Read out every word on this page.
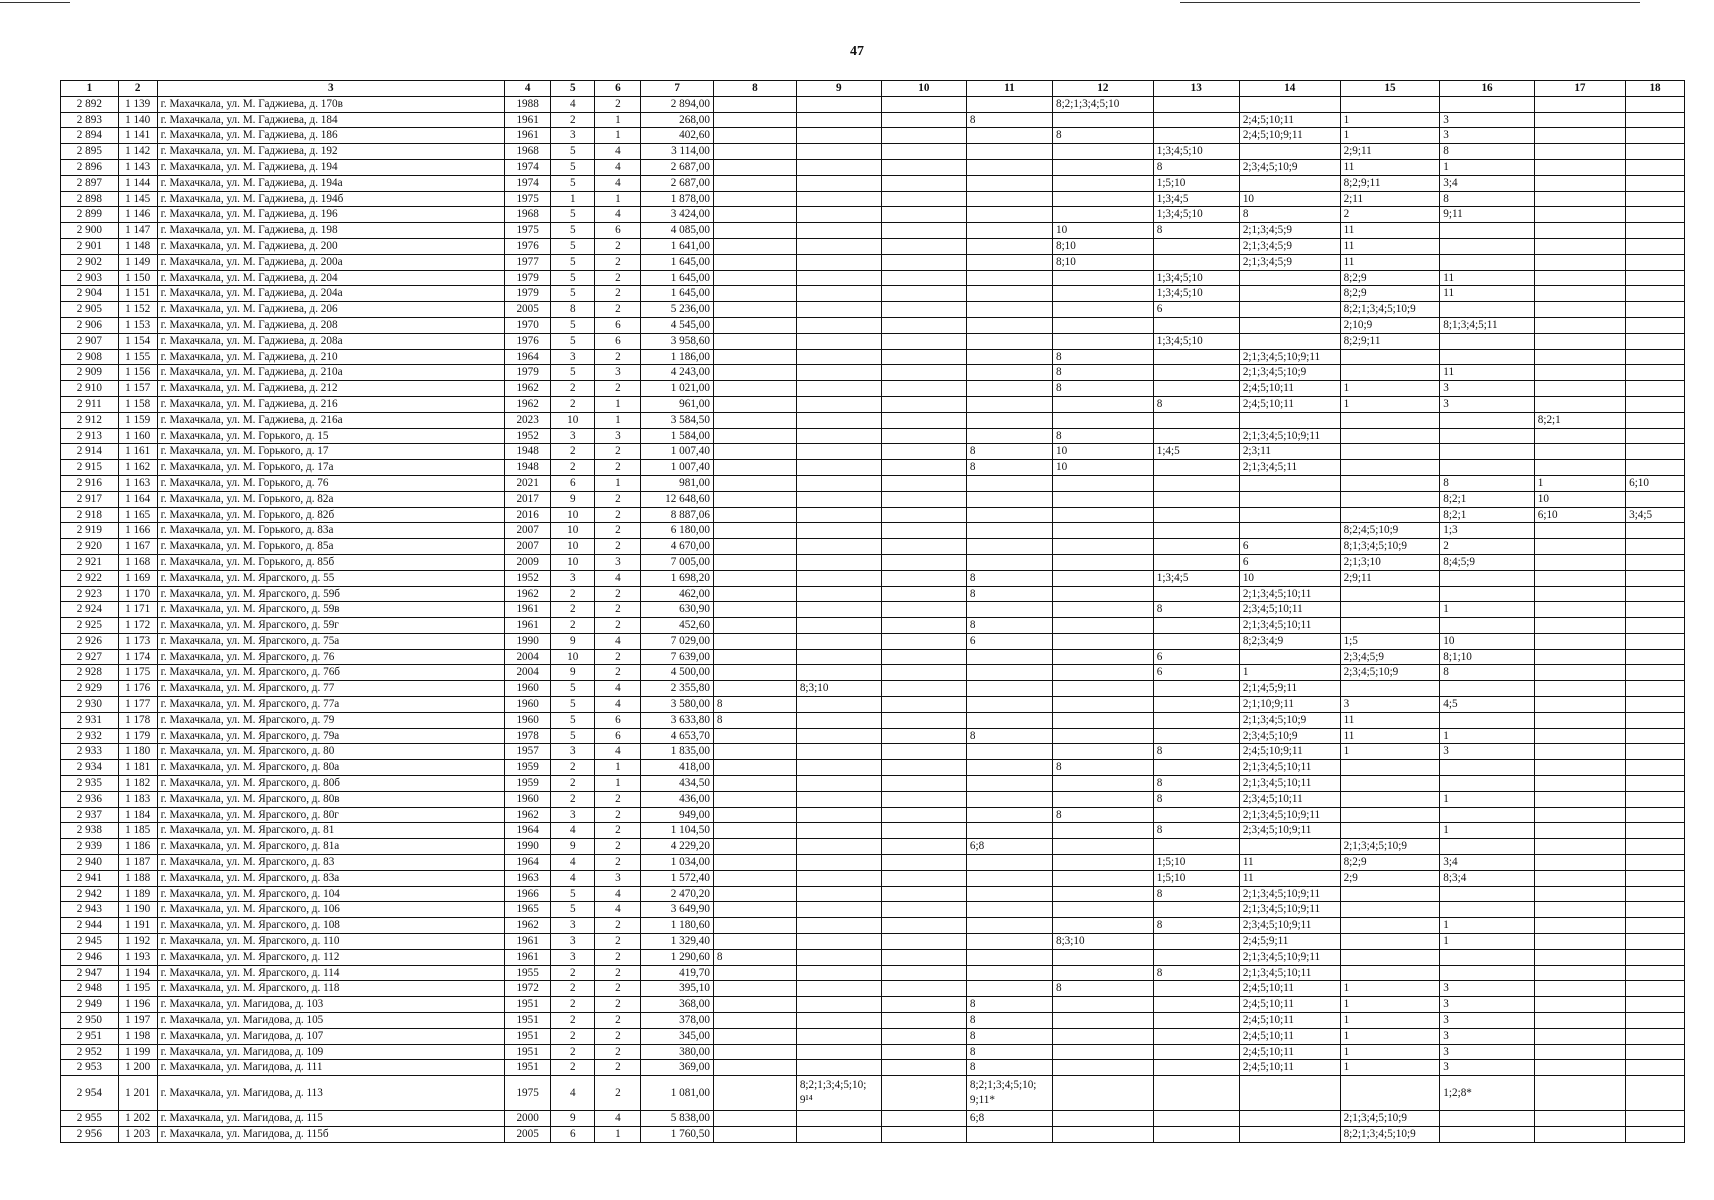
47
1	2	3	4	5	6	7	8	9	10	11	12	13	14	15	16	17	18
2 892	1 139	г. Махачкала, ул. М. Гаджиева, д. 170в	1988	4	2	2 894,00					8;2;1;3;4;5;10						
2 893	1 140	г. Махачкала, ул. М. Гаджиева, д. 184	1961	2	1	268,00				8			2;4;5;10;11	1	3		
2 894	1 141	г. Махачкала, ул. М. Гаджиева, д. 186	1961	3	1	402,60					8		2;4;5;10;9;11	1	3		
2 895	1 142	г. Махачкала, ул. М. Гаджиева, д. 192	1968	5	4	3 114,00						1;3;4;5;10		2;9;11	8		
2 896	1 143	г. Махачкала, ул. М. Гаджиева, д. 194	1974	5	4	2 687,00						8	2;3;4;5;10;9	11	1		
2 897	1 144	г. Махачкала, ул. М. Гаджиева, д. 194а	1974	5	4	2 687,00						1;5;10		8;2;9;11	3;4		
2 898	1 145	г. Махачкала, ул. М. Гаджиева, д. 194б	1975	1	1	1 878,00						1;3;4;5	10	2;11	8		
2 899	1 146	г. Махачкала, ул. М. Гаджиева, д. 196	1968	5	4	3 424,00						1;3;4;5;10	8	2	9;11		
2 900	1 147	г. Махачкала, ул. М. Гаджиева, д. 198	1975	5	6	4 085,00					10	8	2;1;3;4;5;9	11			
2 901	1 148	г. Махачкала, ул. М. Гаджиева, д. 200	1976	5	2	1 641,00					8;10		2;1;3;4;5;9	11			
2 902	1 149	г. Махачкала, ул. М. Гаджиева, д. 200а	1977	5	2	1 645,00					8;10		2;1;3;4;5;9	11			
2 903	1 150	г. Махачкала, ул. М. Гаджиева, д. 204	1979	5	2	1 645,00						1;3;4;5;10		8;2;9	11		
2 904	1 151	г. Махачкала, ул. М. Гаджиева, д. 204а	1979	5	2	1 645,00						1;3;4;5;10		8;2;9	11		
2 905	1 152	г. Махачкала, ул. М. Гаджиева, д. 206	2005	8	2	5 236,00						6		8;2;1;3;4;5;10;9			
2 906	1 153	г. Махачкала, ул. М. Гаджиева, д. 208	1970	5	6	4 545,00								2;10;9	8;1;3;4;5;11		
2 907	1 154	г. Махачкала, ул. М. Гаджиева, д. 208а	1976	5	6	3 958,60						1;3;4;5;10		8;2;9;11			
2 908	1 155	г. Махачкала, ул. М. Гаджиева, д. 210	1964	3	2	1 186,00					8		2;1;3;4;5;10;9;11				
2 909	1 156	г. Махачкала, ул. М. Гаджиева, д. 210а	1979	5	3	4 243,00					8		2;1;3;4;5;10;9		11		
2 910	1 157	г. Махачкала, ул. М. Гаджиева, д. 212	1962	2	2	1 021,00					8		2;4;5;10;11	1	3		
2 911	1 158	г. Махачкала, ул. М. Гаджиева, д. 216	1962	2	1	961,00						8	2;4;5;10;11	1	3		
2 912	1 159	г. Махачкала, ул. М. Гаджиева, д. 216а	2023	10	1	3 584,50										8;2;1	
2 913	1 160	г. Махачкала, ул. М. Горького, д. 15	1952	3	3	1 584,00					8		2;1;3;4;5;10;9;11				
2 914	1 161	г. Махачкала, ул. М. Горького, д. 17	1948	2	2	1 007,40				8	10	1;4;5	2;3;11				
2 915	1 162	г. Махачкала, ул. М. Горького, д. 17а	1948	2	2	1 007,40				8	10		2;1;3;4;5;11				
2 916	1 163	г. Махачкала, ул. М. Горького, д. 76	2021	6	1	981,00									8	1	6;10
2 917	1 164	г. Махачкала, ул. М. Горького, д. 82а	2017	9	2	12 648,60									8;2;1	10	
2 918	1 165	г. Махачкала, ул. М. Горького, д. 82б	2016	10	2	8 887,06									8;2;1	6;10	3;4;5
2 919	1 166	г. Махачкала, ул. М. Горького, д. 83а	2007	10	2	6 180,00								8;2;4;5;10;9	1;3		
2 920	1 167	г. Махачкала, ул. М. Горького, д. 85а	2007	10	2	4 670,00							6	8;1;3;4;5;10;9	2		
2 921	1 168	г. Махачкала, ул. М. Горького, д. 85б	2009	10	3	7 005,00							6	2;1;3;10	8;4;5;9		
2 922	1 169	г. Махачкала, ул. М. Ярагского, д. 55	1952	3	4	1 698,20				8		1;3;4;5	10	2;9;11			
2 923	1 170	г. Махачкала, ул. М. Ярагского, д. 59б	1962	2	2	462,00				8			2;1;3;4;5;10;11				
2 924	1 171	г. Махачкала, ул. М. Ярагского, д. 59в	1961	2	2	630,90						8	2;3;4;5;10;11		1		
2 925	1 172	г. Махачкала, ул. М. Ярагского, д. 59г	1961	2	2	452,60				8			2;1;3;4;5;10;11				
2 926	1 173	г. Махачкала, ул. М. Ярагского, д. 75а	1990	9	4	7 029,00				6			8;2;3;4;9	1;5	10		
2 927	1 174	г. Махачкала, ул. М. Ярагского, д. 76	2004	10	2	7 639,00						6		2;3;4;5;9	8;1;10		
2 928	1 175	г. Махачкала, ул. М. Ярагского, д. 76б	2004	9	2	4 500,00						6	1	2;3;4;5;10;9	8		
2 929	1 176	г. Махачкала, ул. М. Ярагского, д. 77	1960	5	4	2 355,80		8;3;10					2;1;4;5;9;11				
2 930	1 177	г. Махачкала, ул. М. Ярагского, д. 77а	1960	5	4	3 580,00	8						2;1;10;9;11	3	4;5		
2 931	1 178	г. Махачкала, ул. М. Ярагского, д. 79	1960	5	6	3 633,80	8						2;1;3;4;5;10;9	11			
2 932	1 179	г. Махачкала, ул. М. Ярагского, д. 79а	1978	5	6	4 653,70				8			2;3;4;5;10;9	11	1		
2 933	1 180	г. Махачкала, ул. М. Ярагского, д. 80	1957	3	4	1 835,00						8	2;4;5;10;9;11	1	3		
2 934	1 181	г. Махачкала, ул. М. Ярагского, д. 80а	1959	2	1	418,00					8		2;1;3;4;5;10;11				
2 935	1 182	г. Махачкала, ул. М. Ярагского, д. 80б	1959	2	1	434,50						8	2;1;3;4;5;10;11				
2 936	1 183	г. Махачкала, ул. М. Ярагского, д. 80в	1960	2	2	436,00						8	2;3;4;5;10;11		1		
2 937	1 184	г. Махачкала, ул. М. Ярагского, д. 80г	1962	3	2	949,00					8		2;1;3;4;5;10;9;11				
2 938	1 185	г. Махачкала, ул. М. Ярагского, д. 81	1964	4	2	1 104,50						8	2;3;4;5;10;9;11		1		
2 939	1 186	г. Махачкала, ул. М. Ярагского, д. 81а	1990	9	2	4 229,20				6;8				2;1;3;4;5;10;9			
2 940	1 187	г. Махачкала, ул. М. Ярагского, д. 83	1964	4	2	1 034,00						1;5;10	11	8;2;9	3;4		
2 941	1 188	г. Махачкала, ул. М. Ярагского, д. 83а	1963	4	3	1 572,40						1;5;10	11	2;9	8;3;4		
2 942	1 189	г. Махачкала, ул. М. Ярагского, д. 104	1966	5	4	2 470,20						8	2;1;3;4;5;10;9;11				
2 943	1 190	г. Махачкала, ул. М. Ярагского, д. 106	1965	5	4	3 649,90							2;1;3;4;5;10;9;11				
2 944	1 191	г. Махачкала, ул. М. Ярагского, д. 108	1962	3	2	1 180,60						8	2;3;4;5;10;9;11		1		
2 945	1 192	г. Махачкала, ул. М. Ярагского, д. 110	1961	3	2	1 329,40					8;3;10		2;4;5;9;11		1		
2 946	1 193	г. Махачкала, ул. М. Ярагского, д. 112	1961	3	2	1 290,60	8						2;1;3;4;5;10;9;11				
2 947	1 194	г. Махачкала, ул. М. Ярагского, д. 114	1955	2	2	419,70						8	2;1;3;4;5;10;11				
2 948	1 195	г. Махачкала, ул. М. Ярагского, д. 118	1972	2	2	395,10					8		2;4;5;10;11	1	3		
2 949	1 196	г. Махачкала, ул. Магидова, д. 103	1951	2	2	368,00				8			2;4;5;10;11	1	3		
2 950	1 197	г. Махачкала, ул. Магидова, д. 105	1951	2	2	378,00				8			2;4;5;10;11	1	3		
2 951	1 198	г. Махачкала, ул. Магидова, д. 107	1951	2	2	345,00				8			2;4;5;10;11	1	3		
2 952	1 199	г. Махачкала, ул. Магидова, д. 109	1951	2	2	380,00				8			2;4;5;10;11	1	3		
2 953	1 200	г. Махачкала, ул. Магидова, д. 111	1951	2	2	369,00				8			2;4;5;10;11	1	3		
2 954	1 201	г. Махачкала, ул. Магидова, д. 113	1975	4	2	1 081,00		8;2;1;3;4;5;10; 9¹⁴		8;2;1;3;4;5;10; 9;11*					1;2;8*		
2 955	1 202	г. Махачкала, ул. Магидова, д. 115	2000	9	4	5 838,00				6;8				2;1;3;4;5;10;9			
2 956	1 203	г. Махачкала, ул. Магидова, д. 115б	2005	6	1	1 760,50								8;2;1;3;4;5;10;9			
